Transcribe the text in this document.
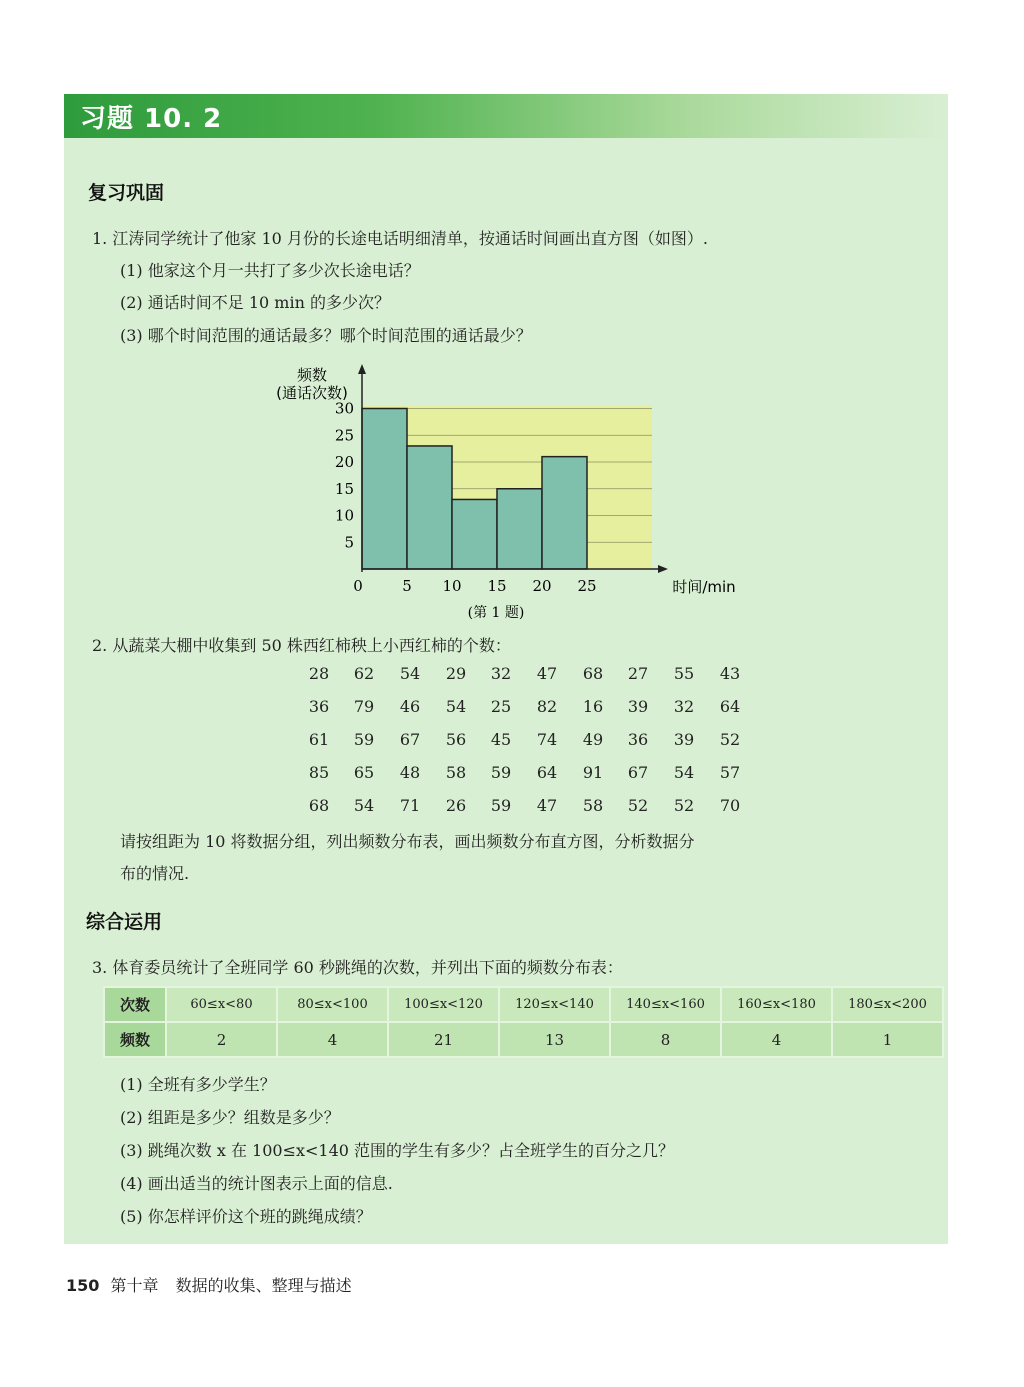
习题 10. 2
复习巩固
1. 江涛同学统计了他家 10 月份的长途电话明细清单，按通话时间画出直方图（如图）.
(1) 他家这个月一共打了多少次长途电话？
(2) 通话时间不足 10 min 的多少次？
(3) 哪个时间范围的通话最多？哪个时间范围的通话最少？
5
10
15
20
25
30
0	5 10 15 20 25
频数
(通话次数)
时间/min
(第 1 题)
2. 从蔬菜大棚中收集到 50 株西红柿秧上小西红柿的个数：
28	62	54	29	32	47	68	27	55	43
36	79	46	54	25	82	16	39	32	64
61	59	67	56	45	74	49	36	39	52
85	65	48	58	59	64	91	67	54	57
68	54	71	26	59	47	58	52	52	70
请按组距为 10 将数据分组，列出频数分布表，画出频数分布直方图，分析数据分
布的情况.
综合运用
3. 体育委员统计了全班同学 60 秒跳绳的次数，并列出下面的频数分布表：
次数	60≤x<80	80≤x<100	100≤x<120	120≤x<140	140≤x<160	160≤x<180	180≤x<200
频数	2	4	21	13	8	4	1
(1) 全班有多少学生？
(2) 组距是多少？组数是多少？
(3) 跳绳次数 x 在 100≤x<140 范围的学生有多少？占全班学生的百分之几？
(4) 画出适当的统计图表示上面的信息.
(5) 你怎样评价这个班的跳绳成绩？
150 第十章 数据的收集、整理与描述
